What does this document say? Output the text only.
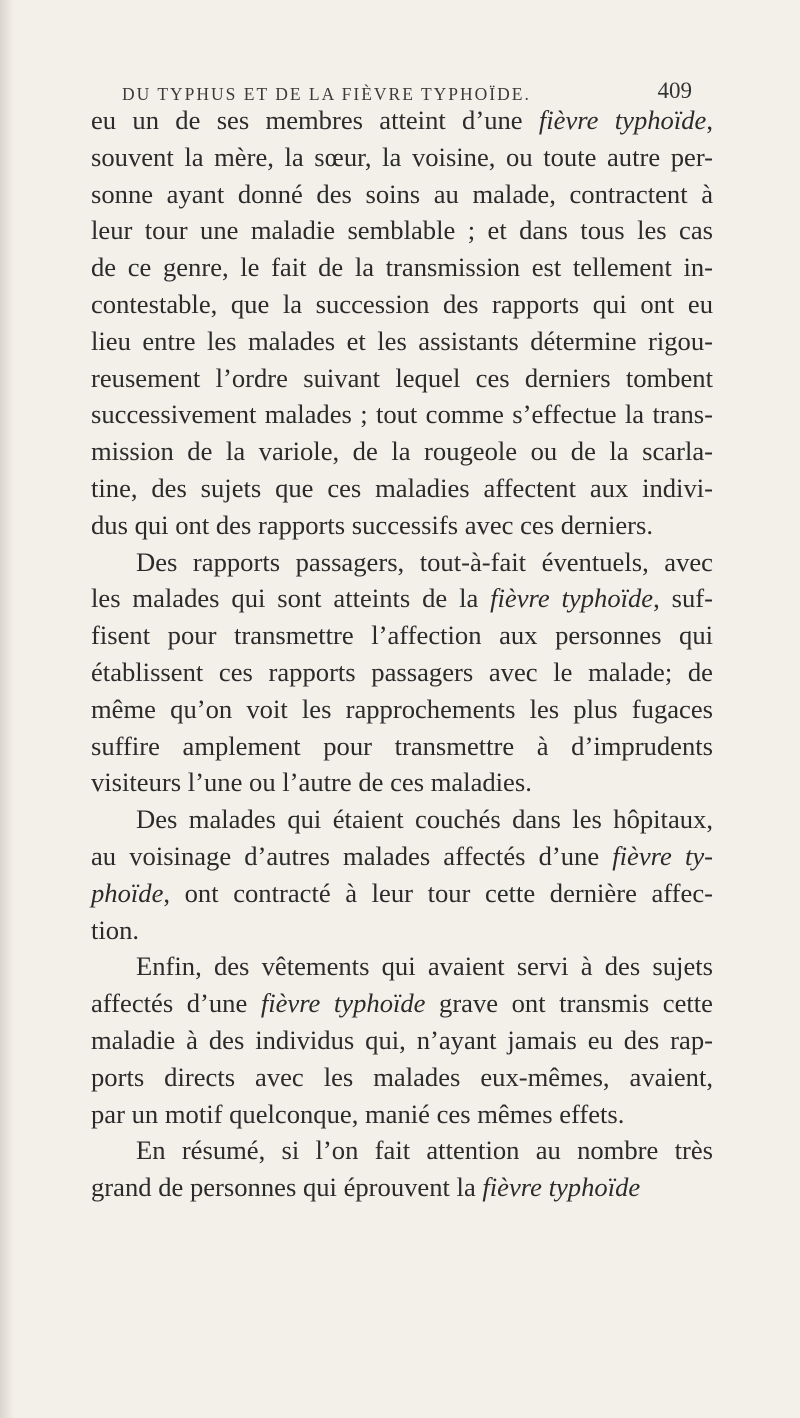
DU TYPHUS ET DE LA FIÈVRE TYPHOÏDE.	409
eu un de ses membres atteint d’une fièvre typhoïde,
souvent la mère, la sœur, la voisine, ou toute autre per-
sonne ayant donné des soins au malade, contractent à
leur tour une maladie semblable ; et dans tous les cas
de ce genre, le fait de la transmission est tellement in-
contestable, que la succession des rapports qui ont eu
lieu entre les malades et les assistants détermine rigou-
reusement l’ordre suivant lequel ces derniers tombent
successivement malades ; tout comme s’effectue la trans-
mission de la variole, de la rougeole ou de la scarla-
tine, des sujets que ces maladies affectent aux indivi-
dus qui ont des rapports successifs avec ces derniers.
Des rapports passagers, tout-à-fait éventuels, avec
les malades qui sont atteints de la fièvre typhoïde, suf-
fisent pour transmettre l’affection aux personnes qui
établissent ces rapports passagers avec le malade; de
même qu’on voit les rapprochements les plus fugaces
suffire amplement pour transmettre à d’imprudents
visiteurs l’une ou l’autre de ces maladies.
Des malades qui étaient couchés dans les hôpitaux,
au voisinage d’autres malades affectés d’une fièvre ty-
phoïde, ont contracté à leur tour cette dernière affec-
tion.
Enfin, des vêtements qui avaient servi à des sujets
affectés d’une fièvre typhoïde grave ont transmis cette
maladie à des individus qui, n’ayant jamais eu des rap-
ports directs avec les malades eux-mêmes, avaient,
par un motif quelconque, manié ces mêmes effets.
En résumé, si l’on fait attention au nombre très
grand de personnes qui éprouvent la fièvre typhoïde
